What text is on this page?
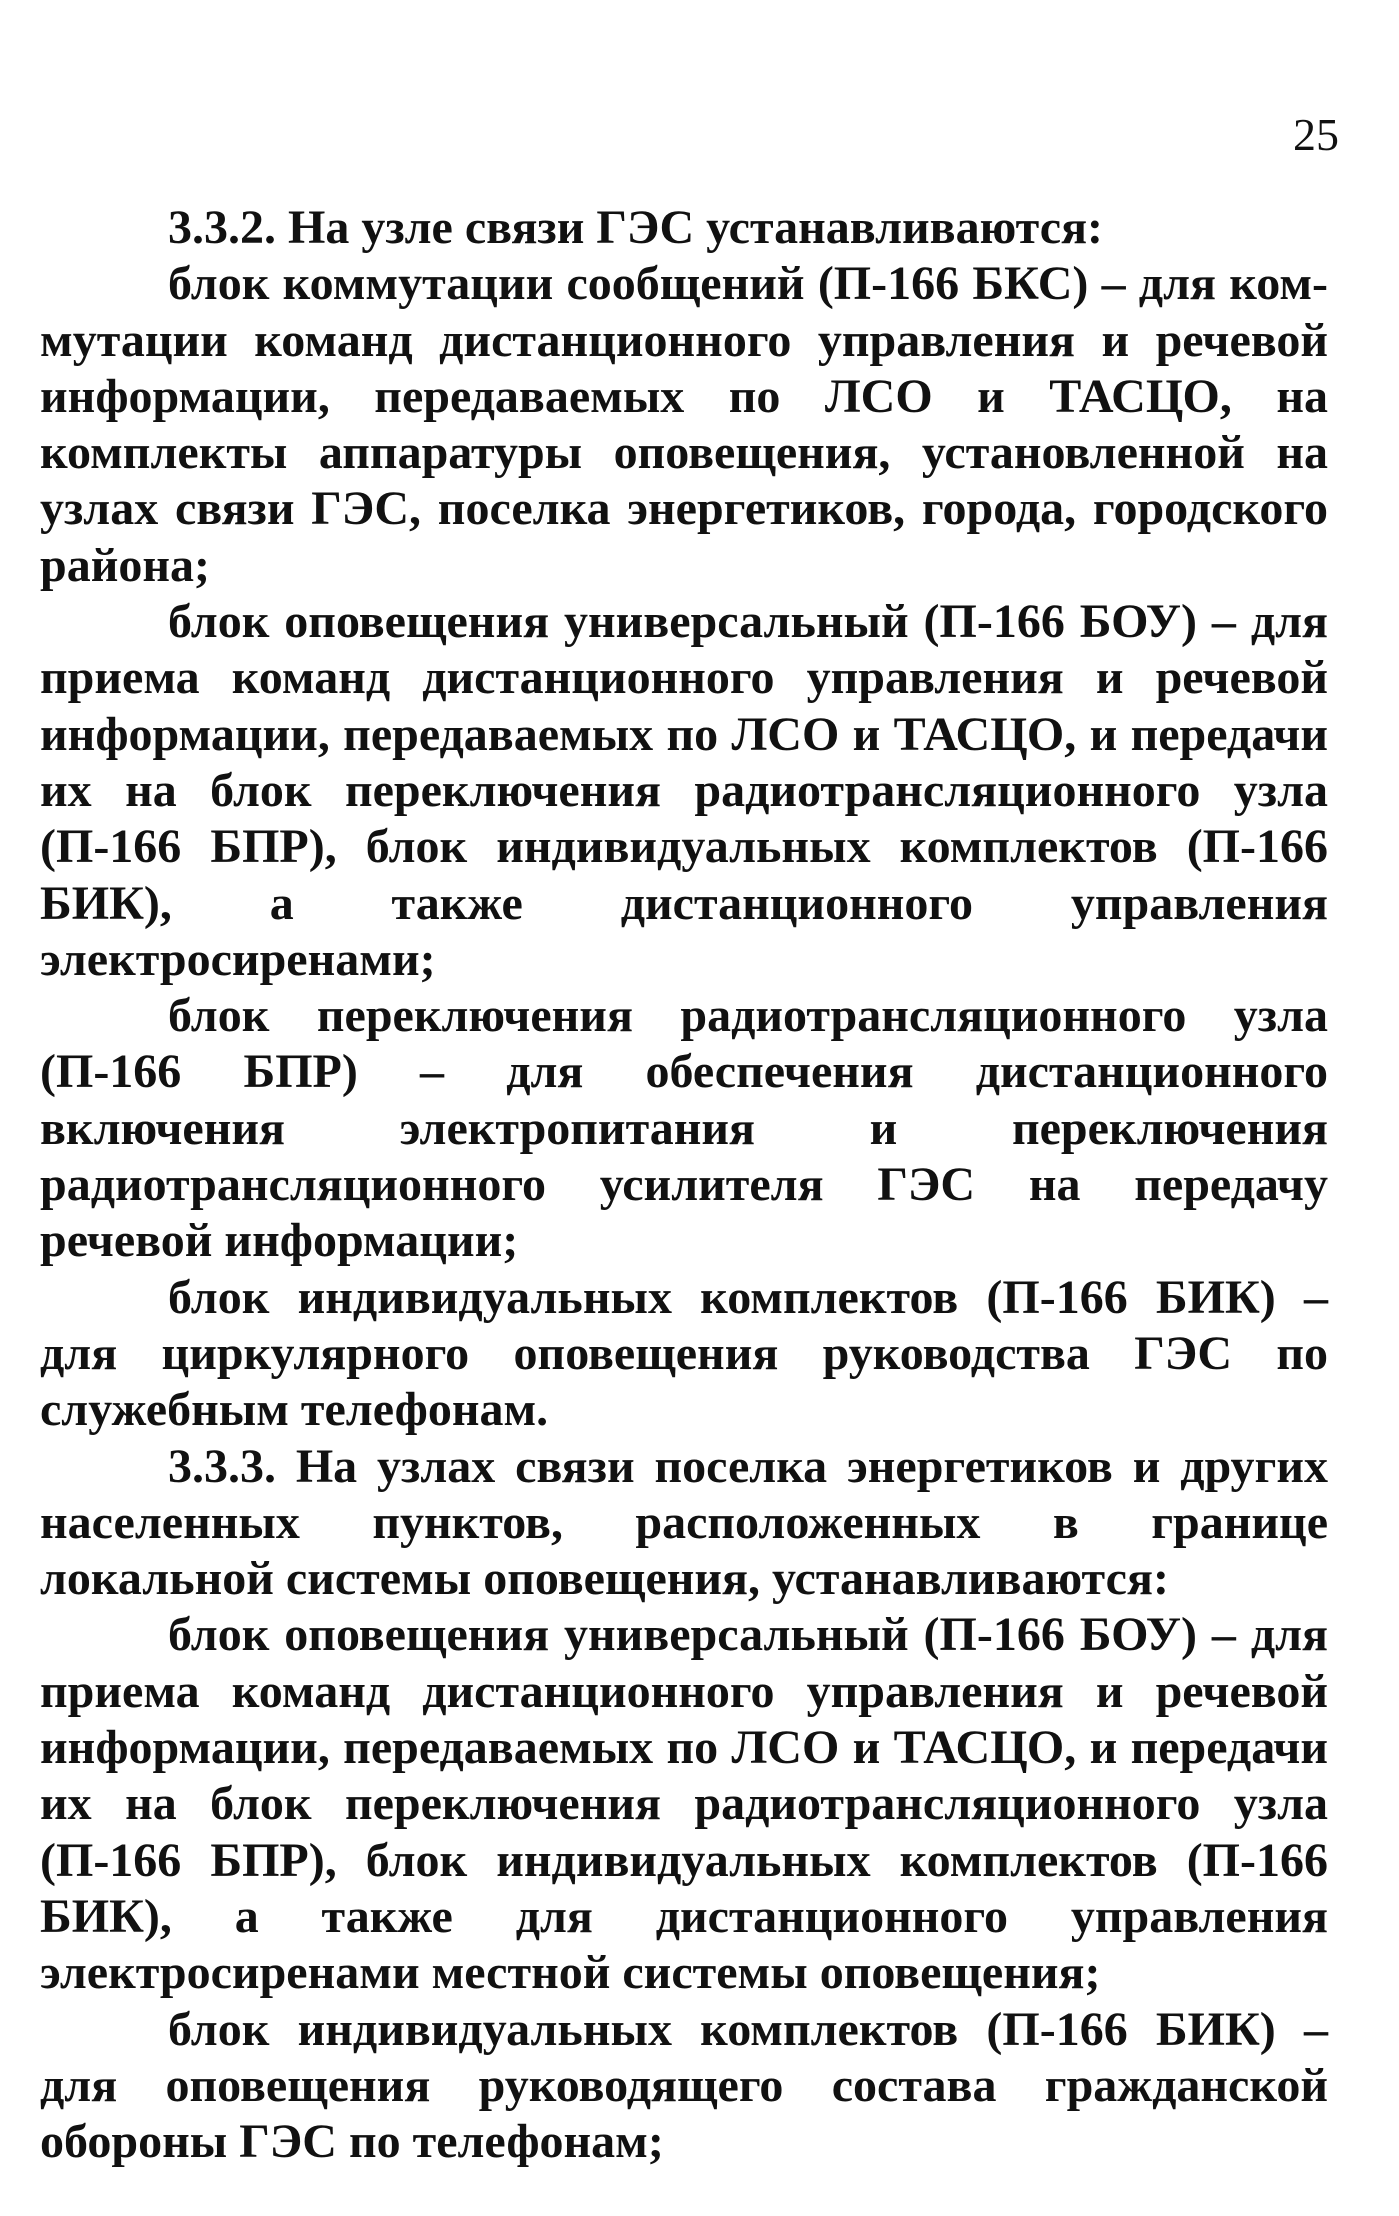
25

3.3.2. На узле связи ГЭС устанавливаются:

блок коммутации сообщений (П-166 БКС) – для коммутации команд дистанционного управления и речевой информации, передаваемых по ЛСО и ТАСЦО, на комплекты аппаратуры оповещения, установленной на узлах связи ГЭС, поселка энергетиков, города, городского района;

блок оповещения универсальный (П-166 БОУ) – для приема команд дистанционного управления и речевой информации, передаваемых по ЛСО и ТАСЦО, и передачи их на блок переключения радиотрансляционного узла (П-166 БПР), блок индивидуальных комплектов (П-166 БИК), а также дистанционного управления электросиренами;

блок переключения радиотрансляционного узла (П-166 БПР) – для обеспечения дистанционного включения электропитания и переключения радиотрансляционного усилителя ГЭС на передачу речевой информации;

блок индивидуальных комплектов (П-166 БИК) – для циркулярного оповещения руководства ГЭС по служебным телефонам.

3.3.3. На узлах связи поселка энергетиков и других населенных пунктов, расположенных в границе локальной системы оповещения, устанавливаются:

блок оповещения универсальный (П-166 БОУ) – для приема команд дистанционного управления и речевой информации, передаваемых по ЛСО и ТАСЦО, и передачи их на блок переключения радиотрансляционного узла (П-166 БПР), блок индивидуальных комплектов (П-166 БИК), а также для дистанционного управления электросиренами местной системы оповещения;

блок индивидуальных комплектов (П-166 БИК) – для оповещения руководящего состава гражданской обороны ГЭС по телефонам;
